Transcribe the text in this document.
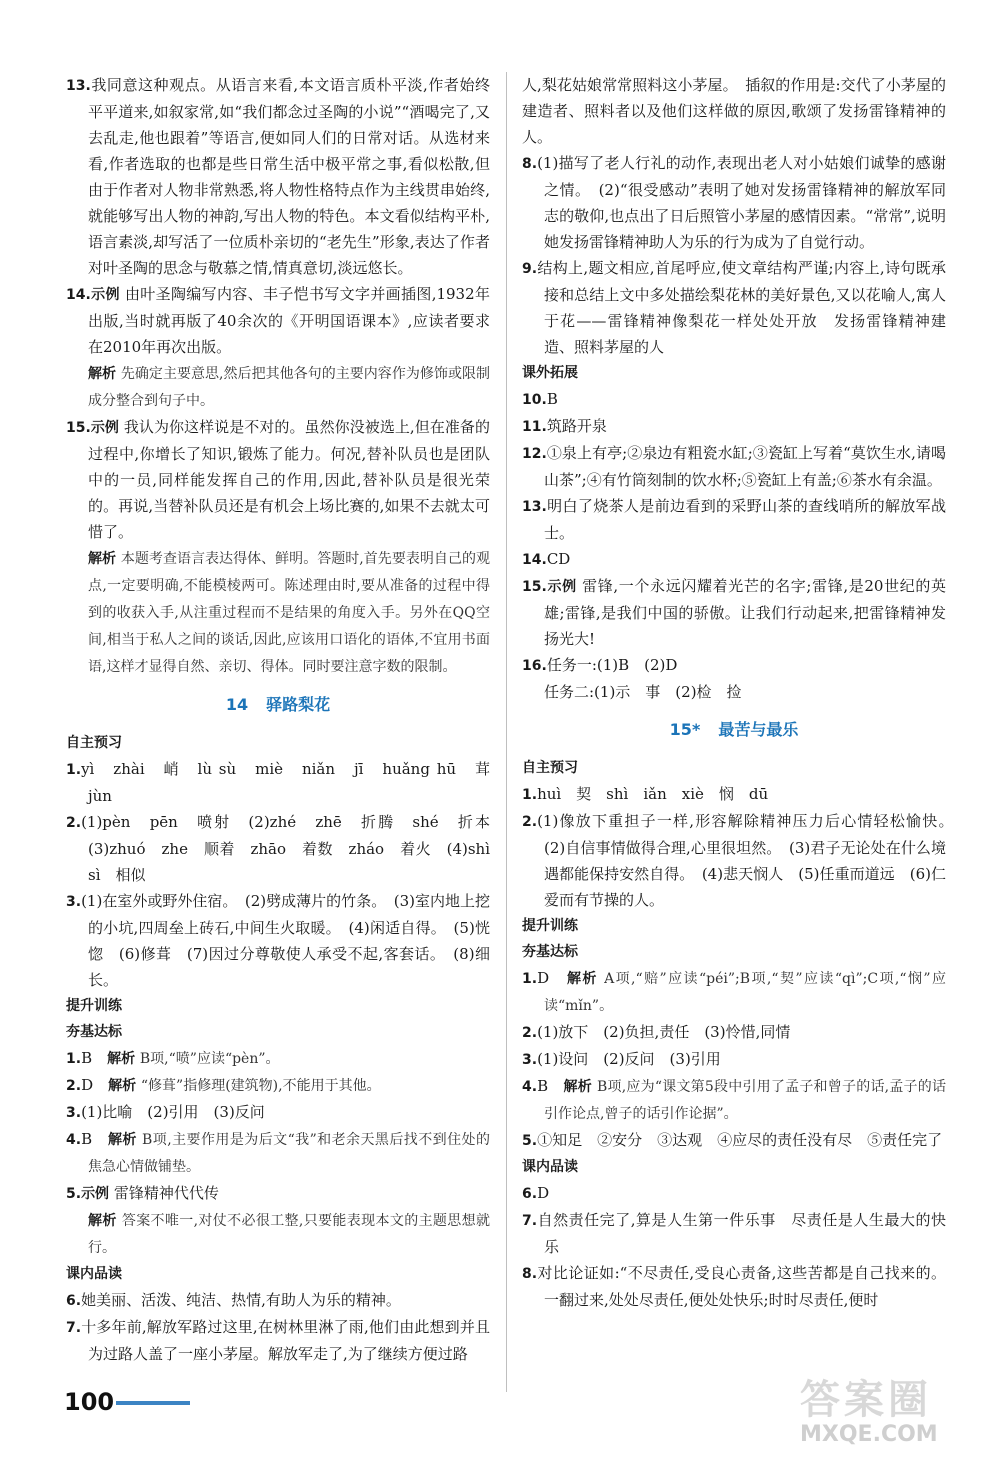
13.我同意这种观点。从语言来看,本文语言质朴平淡,作者始终平平道来,如叙家常,如“我们都念过圣陶的小说”“酒喝完了,又去乱走,他也跟着”等语言,便如同人们的日常对话。从选材来看,作者选取的也都是些日常生活中极平常之事,看似松散,但由于作者对人物非常熟悉,将人物性格特点作为主线贯串始终,就能够写出人物的神韵,写出人物的特色。本文看似结构平朴,语言素淡,却写活了一位质朴亲切的“老先生”形象,表达了作者对叶圣陶的思念与敬慕之情,情真意切,淡远悠长。

14.示例 由叶圣陶编写内容、丰子恺书写文字并画插图,1932年出版,当时就再版了40余次的《开明国语课本》,应读者要求在2010年再次出版。

解析 先确定主要意思,然后把其他各句的主要内容作为修饰或限制成分整合到句子中。

15.示例 我认为你这样说是不对的。虽然你没被选上,但在准备的过程中,你增长了知识,锻炼了能力。何况,替补队员也是团队中的一员,同样能发挥自己的作用,因此,替补队员是很光荣的。再说,当替补队员还是有机会上场比赛的,如果不去就太可惜了。

解析 本题考查语言表达得体、鲜明。答题时,首先要表明自己的观点,一定要明确,不能模棱两可。陈述理由时,要从准备的过程中得到的收获入手,从注重过程而不是结果的角度入手。另外在QQ空间,相当于私人之间的谈话,因此,应该用口语化的语体,不宜用书面语,这样才显得自然、亲切、得体。同时要注意字数的限制。

14 驿路梨花

自主预习

1.yì　zhài　峭　lù sù　miè　niǎn　jī　huǎng hū　茸　jùn

2.(1)pèn　pēn　喷射　(2)zhé　zhē　折腾　shé　折本　(3)zhuó　zhe　顺着　zhāo　着数　zháo　着火　(4)shì　sì　相似

3.(1)在室外或野外住宿。　(2)劈成薄片的竹条。　(3)室内地上挖的小坑,四周垒上砖石,中间生火取暖。　(4)闲适自得。　(5)恍惚　(6)修葺　(7)因过分尊敬使人承受不起,客套话。　(8)细长。

提升训练

夯基达标

1.B　 解析 B项,“喷”应读“pèn”。

2.D　 解析 “修葺”指修理(建筑物),不能用于其他。

3.(1)比喻　(2)引用　(3)反问

4.B　 解析 B项,主要作用是为后文“我”和老余天黑后找不到住处的焦急心情做铺垫。

5.示例 雷锋精神代代传

解析 答案不唯一,对仗不必很工整,只要能表现本文的主题思想就行。

课内品读

6.她美丽、活泼、纯洁、热情,有助人为乐的精神。

7.十多年前,解放军路过这里,在树林里淋了雨,他们由此想到并且为过路人盖了一座小茅屋。解放军走了,为了继续方便过路

人,梨花姑娘常常照料这小茅屋。　插叙的作用是:交代了小茅屋的建造者、照料者以及他们这样做的原因,歌颂了发扬雷锋精神的人。

8.(1)描写了老人行礼的动作,表现出老人对小姑娘们诚挚的感谢之情。　(2)“很受感动”表明了她对发扬雷锋精神的解放军同志的敬仰,也点出了日后照管小茅屋的感情因素。“常常”,说明她发扬雷锋精神助人为乐的行为成为了自觉行动。

9.结构上,题文相应,首尾呼应,使文章结构严谨;内容上,诗句既承接和总结上文中多处描绘梨花林的美好景色,又以花喻人,寓人于花——雷锋精神像梨花一样处处开放　发扬雷锋精神建造、照料茅屋的人

课外拓展

10.B

11.筑路开泉

12.①泉上有亭;②泉边有粗瓷水缸;③瓷缸上写着“莫饮生水,请喝山茶”;④有竹筒刻制的饮水杯;⑤瓷缸上有盖;⑥茶水有余温。

13.明白了烧茶人是前边看到的采野山茶的查线哨所的解放军战士。

14.CD

15.示例 雷锋,一个永远闪耀着光芒的名字;雷锋,是20世纪的英雄;雷锋,是我们中国的骄傲。让我们行动起来,把雷锋精神发扬光大!

16.任务一:(1)B　(2)D

任务二:(1)示　事　(2)检　捡

15* 最苦与最乐

自主预习

1.huì　契　shì　iǎn　xiè　悯　dū

2.(1)像放下重担子一样,形容解除精神压力后心情轻松愉快。　(2)自信事情做得合理,心里很坦然。　(3)君子无论处在什么境遇都能保持安然自得。　(4)悲天悯人　(5)任重而道远　(6)仁爱而有节操的人。

提升训练

夯基达标

1.D　 解析 A项,“赔”应读“péi”;B项,“契”应读“qì”;C项,“悯”应读“mǐn”。

2.(1)放下　(2)负担,责任　(3)怜惜,同情

3.(1)设问　(2)反问　(3)引用

4.B　 解析 B项,应为“课文第5段中引用了孟子和曾子的话,孟子的话引作论点,曾子的话引作论据”。

5.①知足　②安分　③达观　④应尽的责任没有尽　⑤责任完了

课内品读

6.D

7.自然责任完了,算是人生第一件乐事　尽责任是人生最大的快乐

8.对比论证如:“不尽责任,受良心责备,这些苦都是自己找来的。一翻过来,处处尽责任,便处处快乐;时时尽责任,便时

100	答案圈
MXQE.COM
